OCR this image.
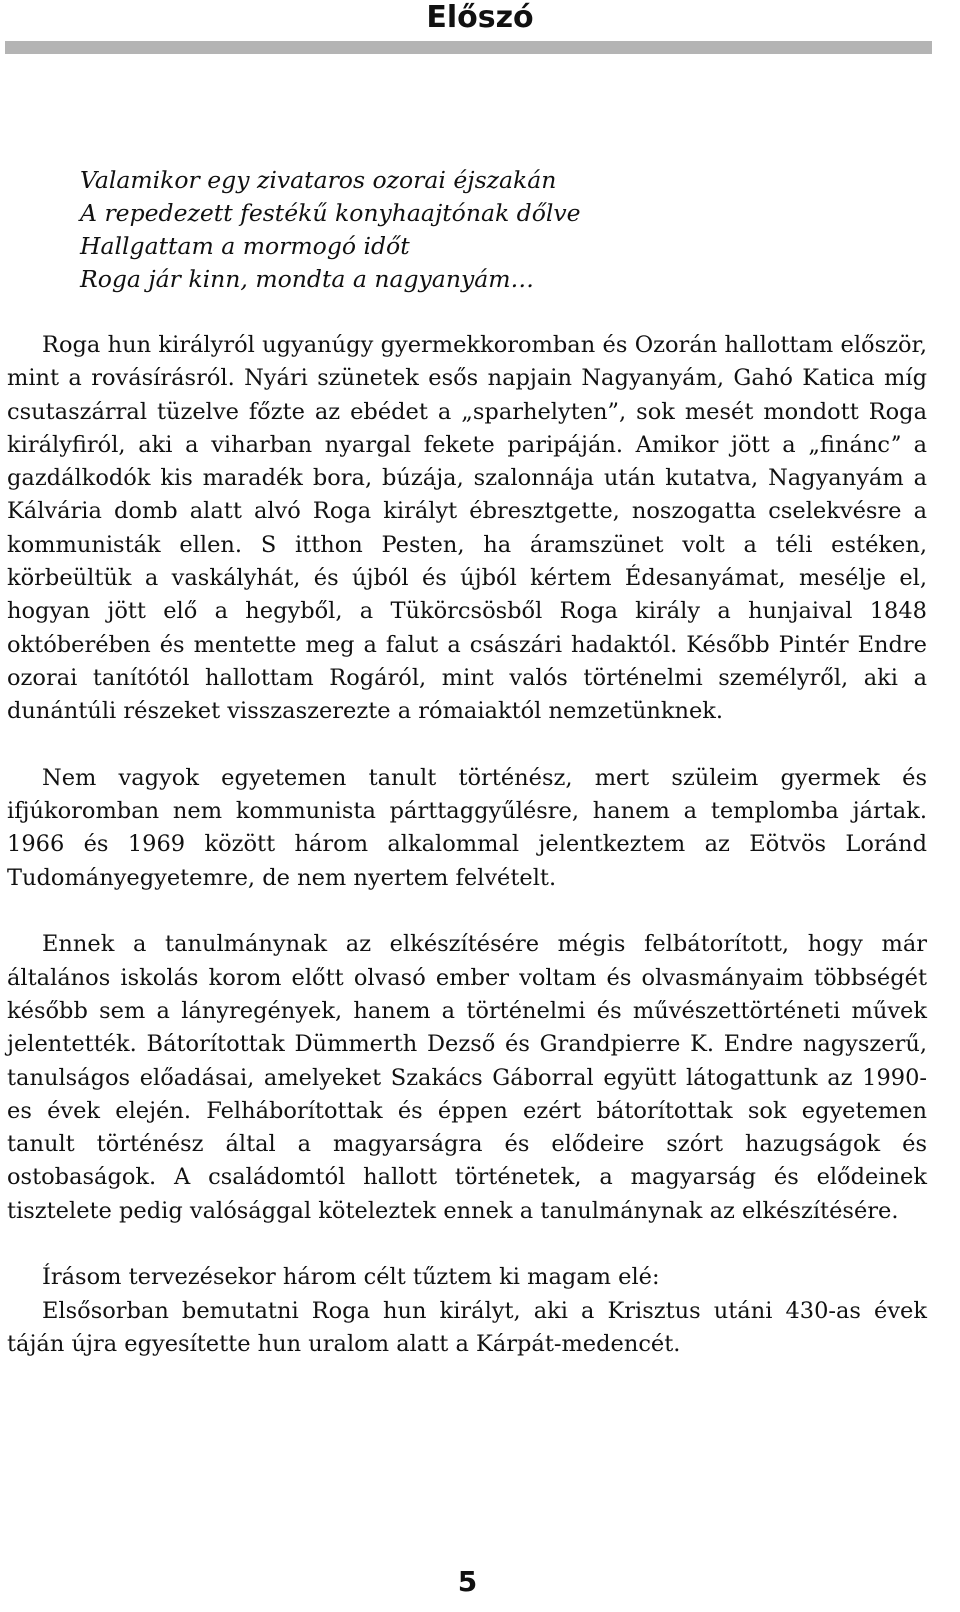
Előszó
Valamikor egy zivataros ozorai éjszakán
A repedezett festékű konyhaajtónak dőlve
Hallgattam a mormogó időt
Roga jár kinn, mondta a nagyanyám…

Roga hun királyról ugyanúgy gyermekkoromban és Ozorán hallottam először, mint a rovásírásról. Nyári szünetek esős napjain Nagyanyám, Gahó Katica míg csutaszárral tüzelve főzte az ebédet a „sparhelyten”, sok mesét mondott Roga királyfiról, aki a viharban nyargal fekete paripáján. Amikor jött a „fináncˮ a gazdálkodók kis maradék bora, búzája, szalonnája után kutatva, Nagyanyám a Kálvária domb alatt alvó Roga királyt ébresztgette, noszogatta cselekvésre a kommunisták ellen. S itthon Pesten, ha áramszünet volt a téli estéken, körbeültük a vaskályhát, és újból és újból kértem Édesanyámat, mesélje el, hogyan jött elő a hegyből, a Tükörcsösből Roga király a hunjaival 1848 októberében és mentette meg a falut a császári hadaktól. Később Pintér Endre ozorai tanítótól hallottam Rogáról, mint valós történelmi személyről, aki a dunántúli részeket visszaszerezte a rómaiaktól nemzetünknek.

Nem vagyok egyetemen tanult történész, mert szüleim gyermek és ifjúkoromban nem kommunista párttaggyűlésre, hanem a templomba jártak. 1966 és 1969 között három alkalommal jelentkeztem az Eötvös Loránd Tudományegyetemre, de nem nyertem felvételt.

Ennek a tanulmánynak az elkészítésére mégis felbátorított, hogy már általános iskolás korom előtt olvasó ember voltam és olvasmányaim többségét később sem a lányregények, hanem a történelmi és művészettörténeti művek jelentették. Bátorítottak Dümmerth Dezső és Grandpierre K. Endre nagyszerű, tanulságos előadásai, amelyeket Szakács Gáborral együtt látogattunk az 1990-es évek elején. Felháborítottak és éppen ezért bátorítottak sok egyetemen tanult történész által a magyarságra és elődeire szórt hazugságok és ostobaságok. A családomtól hallott történetek, a magyarság és elődeinek tisztelete pedig valósággal köteleztek ennek a tanulmánynak az elkészítésére.

Írásom tervezésekor három célt tűztem ki magam elé:

Elsősorban bemutatni Roga hun királyt, aki a Krisztus utáni 430-as évek táján újra egyesítette hun uralom alatt a Kárpát-medencét.

5
